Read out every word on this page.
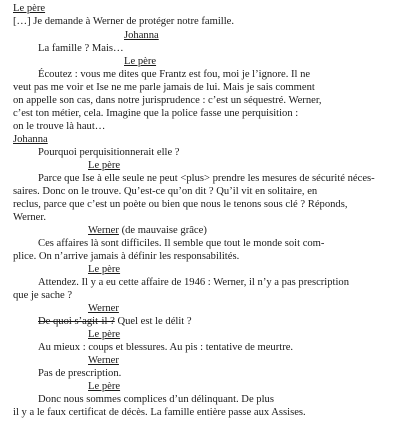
Le père
[…] Je demande à Werner de protéger notre famille.
Johanna
La famille ? Mais…
Le père
Écoutez : vous me dites que Frantz est fou, moi je l’ignore. Il ne
veut pas me voir et Ise ne me parle jamais de lui. Mais je sais comment
on appelle son cas, dans notre jurisprudence : c’est un séquestré. Werner,
c’est ton métier, cela. Imagine que la police fasse une perquisition :
on le trouve là haut…
Johanna
Pourquoi perquisitionnerait elle ?
Le père
Parce que Ise à elle seule ne peut <plus> prendre les mesures de sécurité néces-
saires. Donc on le trouve. Qu’est-ce qu’on dit ? Qu’il vit en solitaire, en
reclus, parce que c’est un poète ou bien que nous le tenons sous clé ? Réponds,
Werner.
Werner (de mauvaise grâce)
Ces affaires là sont difficiles. Il semble que tout le monde soit com-
plice. On n’arrive jamais à définir les responsabilités.
Le père
Attendez. Il y a eu cette affaire de 1946 : Werner, il n’y a pas prescription
que je sache ?
Werner
De quoi s’agit-il ? Quel est le délit ?
Le père
Au mieux : coups et blessures. Au pis : tentative de meurtre.
Werner
Pas de prescription.
Le père
Donc nous sommes complices d’un délinquant. De plus
il y a le faux certificat de décès. La famille entière passe aux Assises.
